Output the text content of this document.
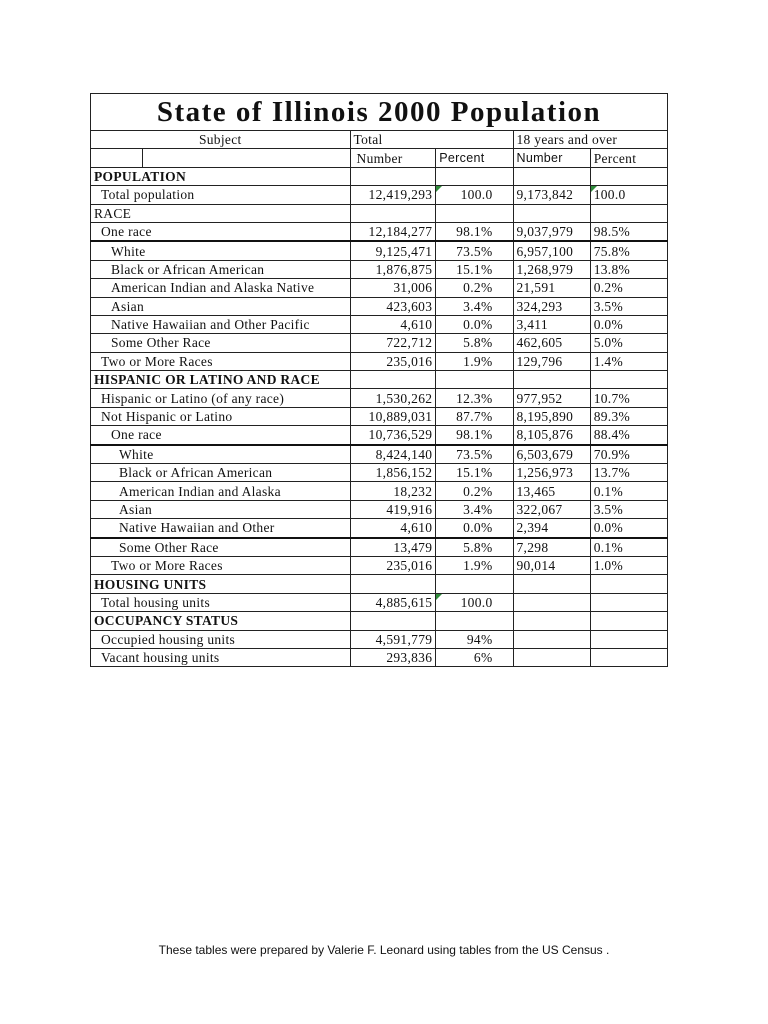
State of Illinois 2000 Population				
Subject	Total		18 years and over	

	Number	Percent	Number	Percent
POPULATION				
Total population	12,419,293	100.0	9,173,842	100.0
RACE				
One race	12,184,277	98.1%	9,037,979	98.5%
White	9,125,471	73.5%	6,957,100	75.8%
Black or African American	1,876,875	15.1%	1,268,979	13.8%
American Indian and Alaska Native	31,006	0.2%	21,591	0.2%
Asian	423,603	3.4%	324,293	3.5%
Native Hawaiian and Other Pacific	4,610	0.0%	3,411	0.0%
Some Other Race	722,712	5.8%	462,605	5.0%
Two or More Races	235,016	1.9%	129,796	1.4%
HISPANIC OR LATINO AND RACE				
Hispanic or Latino (of any race)	1,530,262	12.3%	977,952	10.7%
Not Hispanic or Latino	10,889,031	87.7%	8,195,890	89.3%
One race	10,736,529	98.1%	8,105,876	88.4%
White	8,424,140	73.5%	6,503,679	70.9%
Black or African American	1,856,152	15.1%	1,256,973	13.7%
American Indian and Alaska	18,232	0.2%	13,465	0.1%
Asian	419,916	3.4%	322,067	3.5%
Native Hawaiian and Other	4,610	0.0%	2,394	0.0%
Some Other Race	13,479	5.8%	7,298	0.1%
Two or More Races	235,016	1.9%	90,014	1.0%
HOUSING UNITS				
Total housing units	4,885,615	100.0		
OCCUPANCY STATUS				
Occupied housing units	4,591,779	94%		
Vacant housing units	293,836	6%		
These tables were prepared by Valerie F. Leonard using tables from the US Census .
